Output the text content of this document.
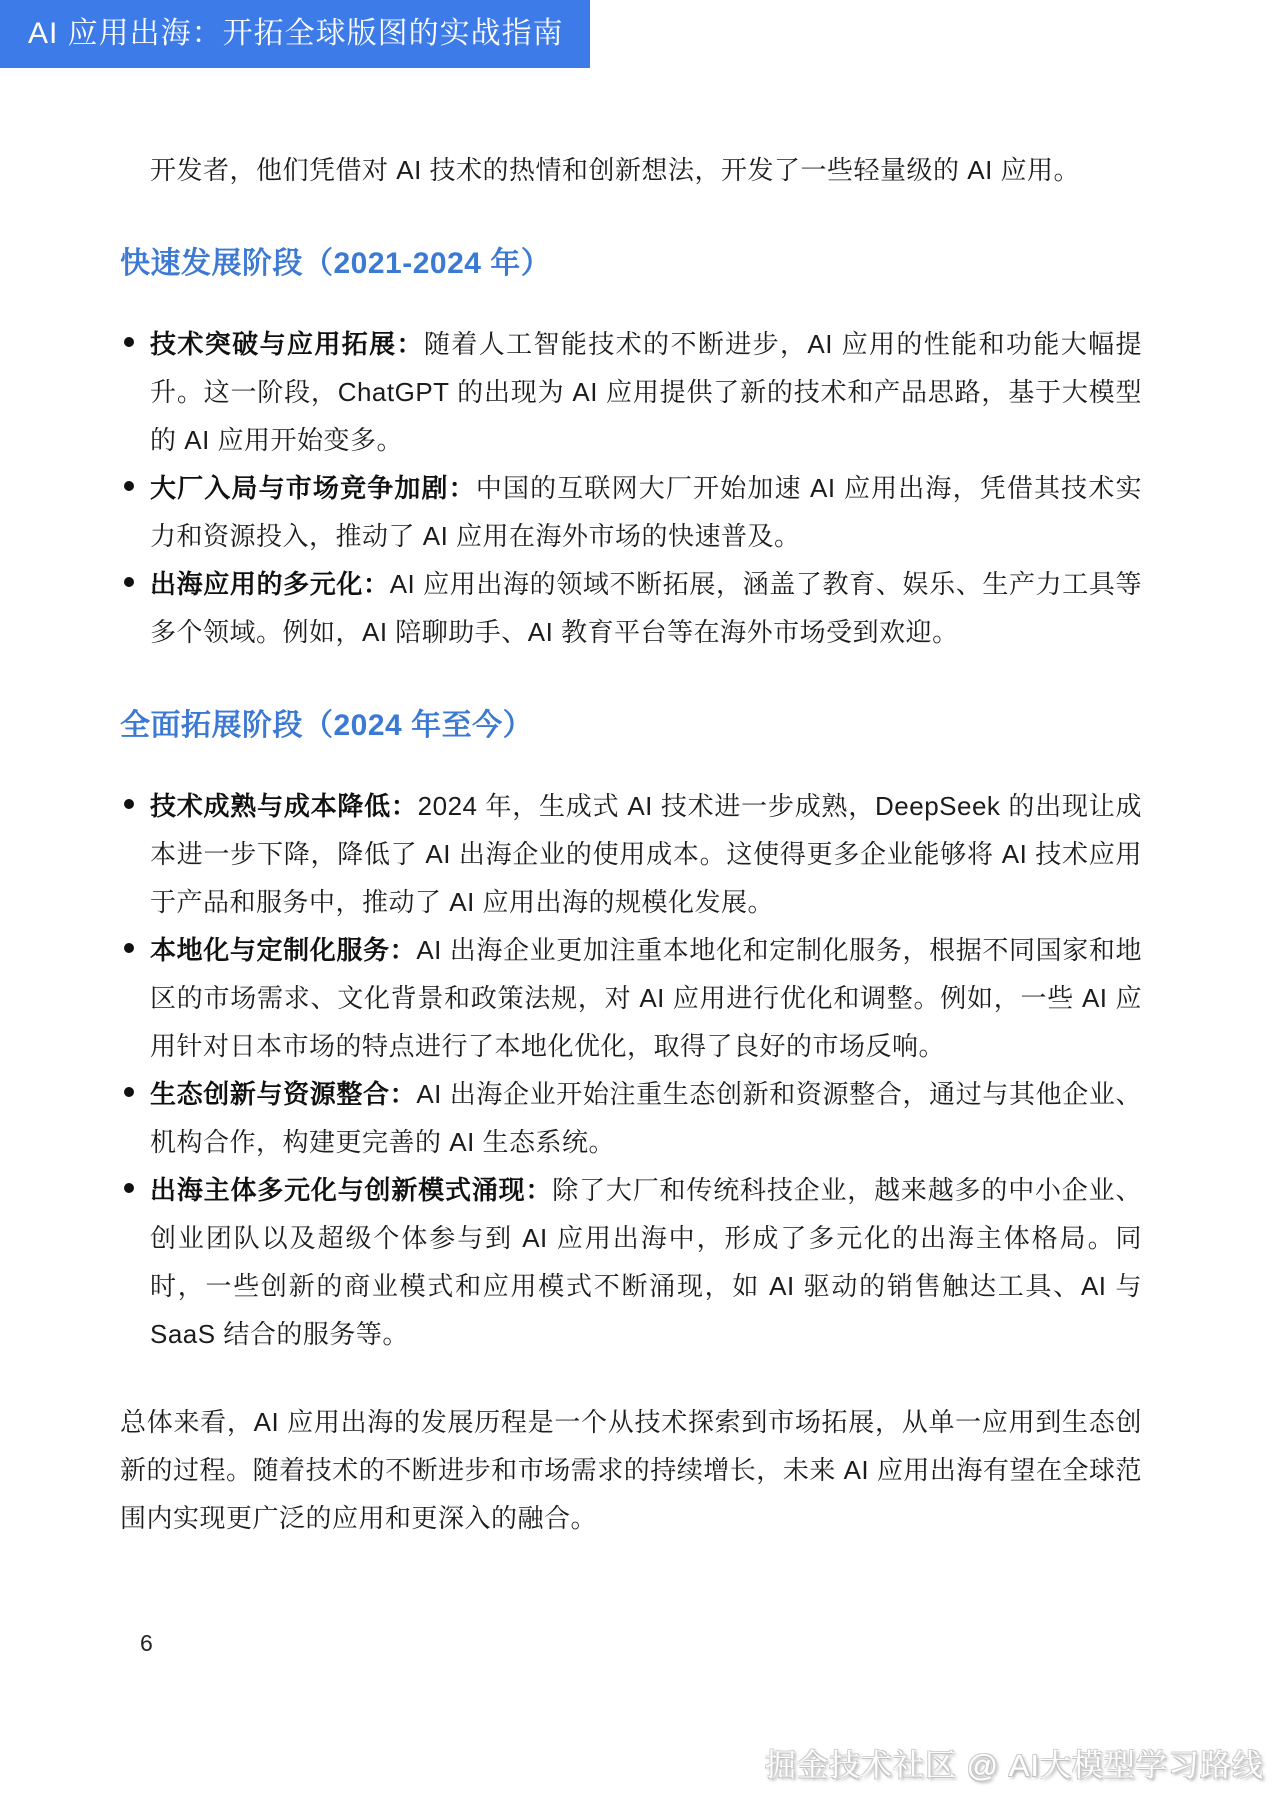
AI 应用出海：开拓全球版图的实战指南

开发者，他们凭借对 AI 技术的热情和创新想法，开发了一些轻量级的 AI 应用。

快速发展阶段（2021-2024 年）
技术突破与应用拓展：随着人工智能技术的不断进步，AI 应用的性能和功能大幅提升。这一阶段，ChatGPT 的出现为 AI 应用提供了新的技术和产品思路，基于大模型的 AI 应用开始变多。
大厂入局与市场竞争加剧：中国的互联网大厂开始加速 AI 应用出海，凭借其技术实力和资源投入，推动了 AI 应用在海外市场的快速普及。
出海应用的多元化：AI 应用出海的领域不断拓展，涵盖了教育、娱乐、生产力工具等多个领域。例如，AI 陪聊助手、AI 教育平台等在海外市场受到欢迎。
全面拓展阶段（2024 年至今）
技术成熟与成本降低：2024 年，生成式 AI 技术进一步成熟，DeepSeek 的出现让成本进一步下降，降低了 AI 出海企业的使用成本。这使得更多企业能够将 AI 技术应用于产品和服务中，推动了 AI 应用出海的规模化发展。
本地化与定制化服务：AI 出海企业更加注重本地化和定制化服务，根据不同国家和地区的市场需求、文化背景和政策法规，对 AI 应用进行优化和调整。例如，一些 AI 应用针对日本市场的特点进行了本地化优化，取得了良好的市场反响。
生态创新与资源整合：AI 出海企业开始注重生态创新和资源整合，通过与其他企业、机构合作，构建更完善的 AI 生态系统。
出海主体多元化与创新模式涌现：除了大厂和传统科技企业，越来越多的中小企业、创业团队以及超级个体参与到 AI 应用出海中，形成了多元化的出海主体格局。同时，一些创新的商业模式和应用模式不断涌现，如 AI 驱动的销售触达工具、AI 与 SaaS 结合的服务等。

总体来看，AI 应用出海的发展历程是一个从技术探索到市场拓展，从单一应用到生态创新的过程。随着技术的不断进步和市场需求的持续增长，未来 AI 应用出海有望在全球范围内实现更广泛的应用和更深入的融合。

6
掘金技术社区 @ AI大模型学习路线
